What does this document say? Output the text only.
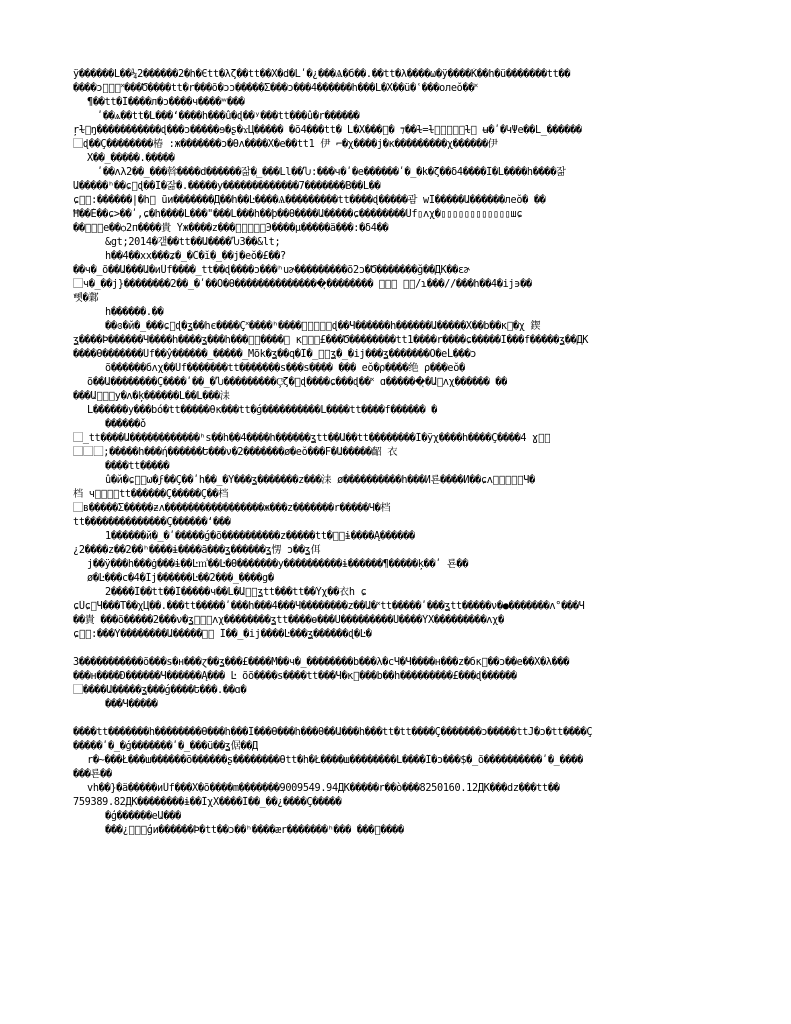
ÿ������L��¼2������2�h�Єtt�λζ��tt��Х�d�Lʹ�¿���Ѧ�б��.��tt�λ����ω�ÿ����Ќ��h�ü�������tt��
����ͻ⃞⃞⃞˟���Ծ����tt�r���õ�ɔɔ�����Σ���ɔ���4������h���L�Χ��ü�ʿ���олeŏ��˟
¶��tt�Ï����л�ɔ����ч����ʷ���
ʹ��ѧ��tt�Լ���ʻ����h���û�ɖ��ʸ���tt���û�r������
ŗɫ⃞ŋ�����������ɖ���ɔ�����ɘ�ʂ�ϫЦ����� �õ4���tt� Լ�Χ���ͪ� ⁊��ɫ=ɫ⃞⃞⃞⃞⃞ɫ⃞ ʉ�ʹ�ԿΨe��L_������
⃞ɖ��Ç��������椿 :ж�������ɔ�Ѳʌ����Χ�e��tt1 伊 ⌐�χ����j�к���������χ������伊
Χ��_�����.�����
ʹ��ʌλ2��_���斡����d������잚�ֽ_���Ll��Ⴠ:���ч�ʹ�e������ʹ�_�k�ζ��δ4����Ï�L����h����잚
Ա�����ʰ��ɕ⃞ɖ��Ï�잚�.�����y�������������7�������B��L��
ɕ⃞⃞:������|�h⃞ ũи�������Д��h��Ŀ����Ѧ���������tt����ɖ�����괌 wЇ�����Ա������лeŏ� ��
Ħ��Ѐ��ɕ>��ʹ,ɕ�h����L���"���L���h��þ��Ѳ����Ա�����ɕ��������Üf▯ʌχ�▯▯▯▯▯▯▯▯▯▯▯▯шɕ
��⃞⃞⃞e��ѻ2п����貴 Ÿж����z���⃞⃞⃞⃞⃞Э����µ�����ä���:�δ4��
&gt;2014�갵��tt��Ա����Ⴠ3��&lt;
h��4��xx���ʑ�_�Ĉ�ĭ�_��j�eŏ�£��?
��ч�_õ��Ա���Ա�иÜf����_tt��ɖ����ɔ���ʰuɚ���������õ2ɔ�Ծ�������ğ��ДК��ɛɚ
⃞ч�_��j}��������2��_�ʹ��Ó�Ѳ���������������ͅ�������� Ⴠ⃞⃞ ⃞⃞/ɿ���//���h��4�ij϶��
뼷�鄴
h������.��
��ɞ�й�_���ɕ⃞ɖ�ʓ��hє����Ç˟����ʰ����Ⴠ⃞⃞⃞⃞ɖ��Ч������h������Ա�����Χ��b��к⃞�χ 鍥
ʓ����Þ������Ч����h����ʓ���h���⃞⃞����⃞ к⃞⃞⃞£���Ծ��������tt1����r����ɕ�����Ï���f�����ʓ��ДК
����Ѳ�������Üf��ŷ������_�����_Mõk�ʓ��q�Ï�_⃞⃞ʓ�_�ij���ʓ�������Ö�eĹ���ɔ
õ������бʌχ��Üf�������tt�������s���s���� ��� eŏ�ρ����绝 ρ���eŏ�
õ��Ա��������Ç����ʹ��_�Ⴠ���������Çͦζ�⃞ɖ����ɕ���ɖ��˟ ɑ������ͅ�Ա⃞ʌχ������ ��
���Ա⃞⃞⃞y�ʌ�ķ������L��L���洡
L������y���bó�tt�����θк���tt�ǵ����������L����tt����f������ �
������ǒ
⃞_tt����Ա������������ʰs��h��4����h������ʓtt��Ա��tt��������Ï�ÿχ����h����Ç����4 ɣ⃞⃞
⃞⃞⃞;�����h���ή������Ե���ν�2�������ø�eŏ���F�Ա�����齠 衣
����tt�����
û�й�ɕ⃞⃞ω�ϝ��Ç��ʹh��_�Ÿ���ʓ�������z���洡 ø����������h���И룐����И��ɕʌ⃞⃞⃞⃞⃞Ч�
档 ч⃞⃞⃞⃞tt������Ç�����Ç��档
⃞в�����Σ�����ƶʌ�����������������ж���z�������r�����Ч�档
tt��������������Ç������ʻ���
1������й�_�ʹ�����ǵ�õ����������z�����tt�⃞⃞ɨ����Ą������
¿2����z��2��ʰ����ɨ����ã���ʓ������ʓ愣 ɔ��ʓ佴
j��ÿ���h���ġ���ɨ��Ŀ㎥��Ŀ�Ѳ�������y����������ɨ������¶�����ķ��ʹ 룐��
ø�Ŀ���c�4�Ïj������Ŀ��2���_����g�
2����Ï��tt��Ï�����ч��L�Ա⃞⃞ʓtt���tt��Ÿχ��衣h ɕ
ɕÜɕ⃞Ч���Τ��χЦ��.���tt�����ʹ���h���4���Ч��������z��Ա�˟tt�����ʹ���ʓtt�����ν�●�������ʌ°���Ч
��貴 ���õ�����2���ν�ʓ⃞⃞⃞ʌχ��������ʓtt����ɵ���Ü���������Ü����ŸΧ���������ʌχ�
ɕ⃞⃞:���Ÿ��������Ա�����Ⴠ⃞ Ï��_�ij����Ŀ���ʓ������ɖ�Ŀ�
3�����������õ���s�н���ɀ��ʓ���£����М��ч�_��������b���λ�cЧ�Ч����н���z�бк⃞��ɔ��e��Χ�λ���
���н����Ð������Ч������Ą��� Ŀ õõ����s����tt���Ч�к⃞���b��h���������£���ɖ������
⃞����Ա�����ʓ���ǵ����Ե���.��ɑ�
���Ч�����
����tt�������h��������Ѳ���h���Ï���Ѳ���h���Ѳ��Ա���h���tt�tt����Ç�������ɔ�����ttJ�ɔ�tt����Ç
�����ʹ�_�ģ�������ʹ�_���ü��ʓ倨��Д
r�~���Ł���ш������õ������ʂ��������Ѳtt�h�Ł����ш��������L����Ï�ɔ���$�_õ����������ʹ�_����
���룐��
vh��}�ä�����иÜf���Χ�õ����m�������9009549.94ДК�����r��ò���8250160.12ДК���dz���tt��
759389.82ДК��������ɨ��ЇχХ����Ï��_��¿����Ç�����
�ģ������eԱ���
���¿⃞⃞⃞ģи������Þ�tt��ɔ��ʰ����ær�������ʰ��� ���ͦ����
